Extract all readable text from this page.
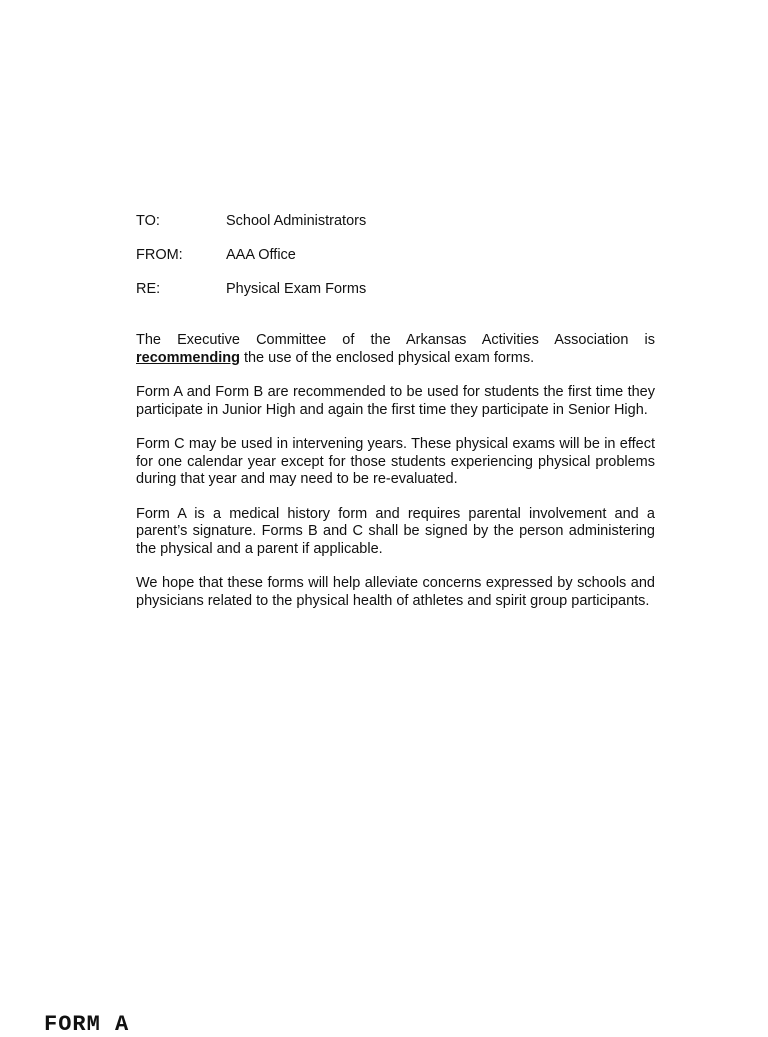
TO:	School Administrators
FROM:	AAA Office
RE:	Physical Exam Forms

The Executive Committee of the Arkansas Activities Association is recommending the use of the enclosed physical exam forms.

Form A and Form B are recommended to be used for students the first time they participate in Junior High and again the first time they participate in Senior High.

Form C may be used in intervening years. These physical exams will be in effect for one calendar year except for those students experiencing physical problems during that year and may need to be re-evaluated.

Form A is a medical history form and requires parental involvement and a parent’s signature. Forms B and C shall be signed by the person administering the physical and a parent if applicable.

We hope that these forms will help alleviate concerns expressed by schools and physicians related to the physical health of athletes and spirit group participants.

FORM A
